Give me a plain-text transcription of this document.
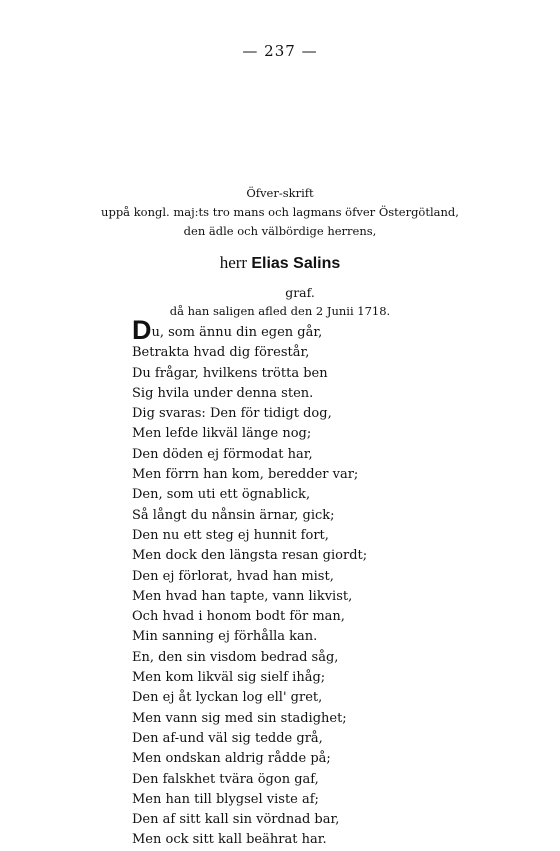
— 237 —
Öfver-skrift
uppå kongl. maj:ts tro mans och lagmans öfver Östergötland,
den ädle och välbördige herrens,
herr Elias Salins
graf.
då han saligen afled den 2 Junii 1718.
Du, som ännu din egen går,
Betrakta hvad dig förestår,
Du frågar, hvilkens trötta ben
Sig hvila under denna sten.
Dig svaras: Den för tidigt dog,
Men lefde likväl länge nog;
Den döden ej förmodat har,
Men förrn han kom, beredder var;
Den, som uti ett ögnablick,
Så långt du nånsin ärnar, gick;
Den nu ett steg ej hunnit fort,
Men dock den längsta resan giordt;
Den ej förlorat, hvad han mist,
Men hvad han tapte, vann likvist,
Och hvad i honom bodt för man,
Min sanning ej förhålla kan.
En, den sin visdom bedrad såg,
Men kom likväl sig sielf ihåg;
Den ej åt lyckan log ell' gret,
Men vann sig med sin stadighet;
Den af-und väl sig tedde grå,
Men ondskan aldrig rådde på;
Den falskhet tvära ögon gaf,
Men han till blygsel viste af;
Den af sitt kall sin vördnad bar,
Men ock sitt kall beährat har.
